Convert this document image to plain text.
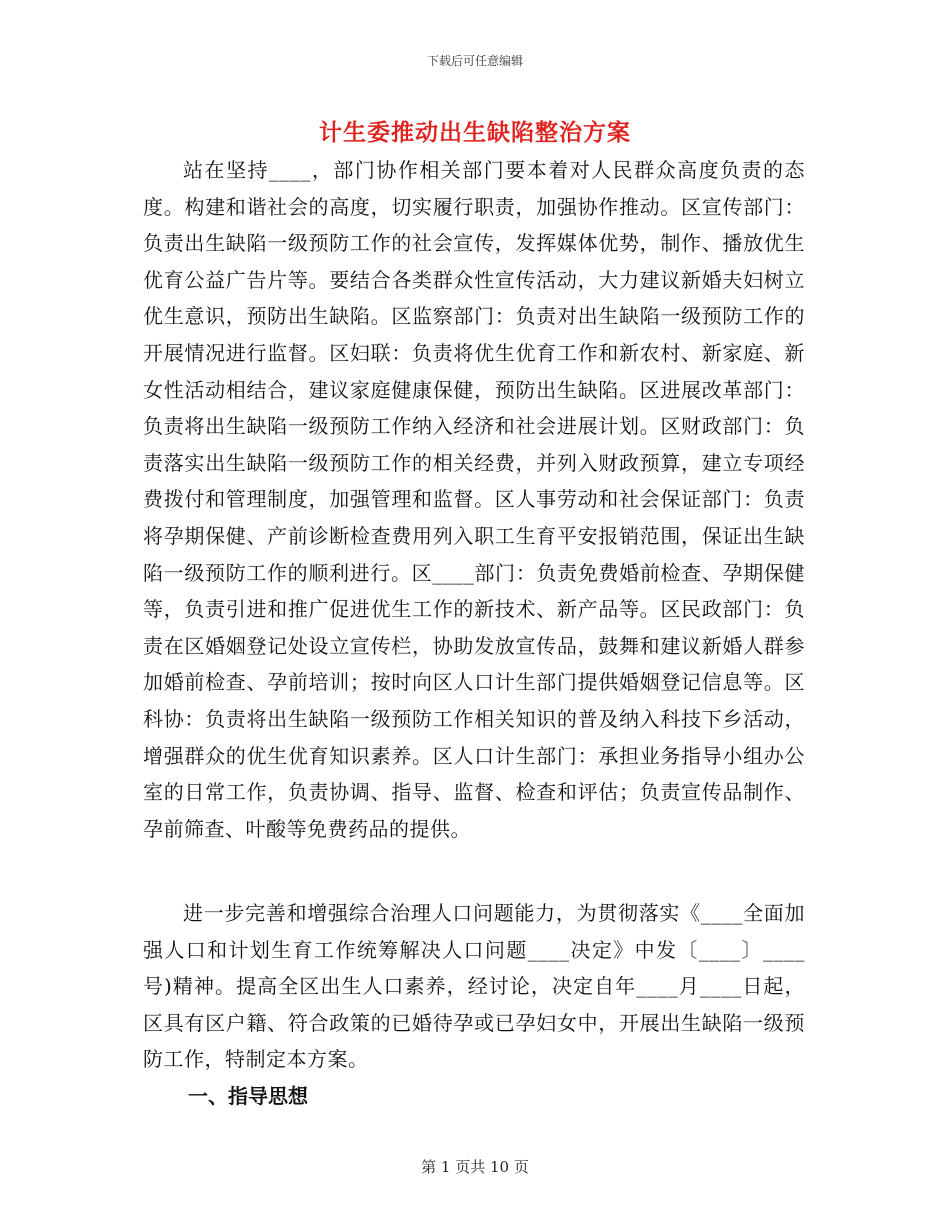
下载后可任意编辑
计生委推动出生缺陷整治方案

站在坚持____，部门协作相关部门要本着对人民群众高度负责的态度。构建和谐社会的高度，切实履行职责，加强协作推动。区宣传部门：负责出生缺陷一级预防工作的社会宣传，发挥媒体优势，制作、播放优生优育公益广告片等。要结合各类群众性宣传活动，大力建议新婚夫妇树立优生意识，预防出生缺陷。区监察部门：负责对出生缺陷一级预防工作的开展情况进行监督。区妇联：负责将优生优育工作和新农村、新家庭、新女性活动相结合，建议家庭健康保健，预防出生缺陷。区进展改革部门：负责将出生缺陷一级预防工作纳入经济和社会进展计划。区财政部门：负责落实出生缺陷一级预防工作的相关经费，并列入财政预算，建立专项经费拨付和管理制度，加强管理和监督。区人事劳动和社会保证部门：负责将孕期保健、产前诊断检查费用列入职工生育平安报销范围，保证出生缺陷一级预防工作的顺利进行。区____部门：负责免费婚前检查、孕期保健等，负责引进和推广促进优生工作的新技术、新产品等。区民政部门：负责在区婚姻登记处设立宣传栏，协助发放宣传品，鼓舞和建议新婚人群参加婚前检查、孕前培训；按时向区人口计生部门提供婚姻登记信息等。区科协：负责将出生缺陷一级预防工作相关知识的普及纳入科技下乡活动，增强群众的优生优育知识素养。区人口计生部门：承担业务指导小组办公室的日常工作，负责协调、指导、监督、检查和评估；负责宣传品制作、孕前筛查、叶酸等免费药品的提供。

进一步完善和增强综合治理人口问题能力，为贯彻落实《____全面加强人口和计划生育工作统筹解决人口问题____决定》中发〔____〕____号)精神。提高全区出生人口素养，经讨论，决定自年____月____日起，区具有区户籍、符合政策的已婚待孕或已孕妇女中，开展出生缺陷一级预防工作，特制定本方案。

一、指导思想
第 1 页共 10 页
